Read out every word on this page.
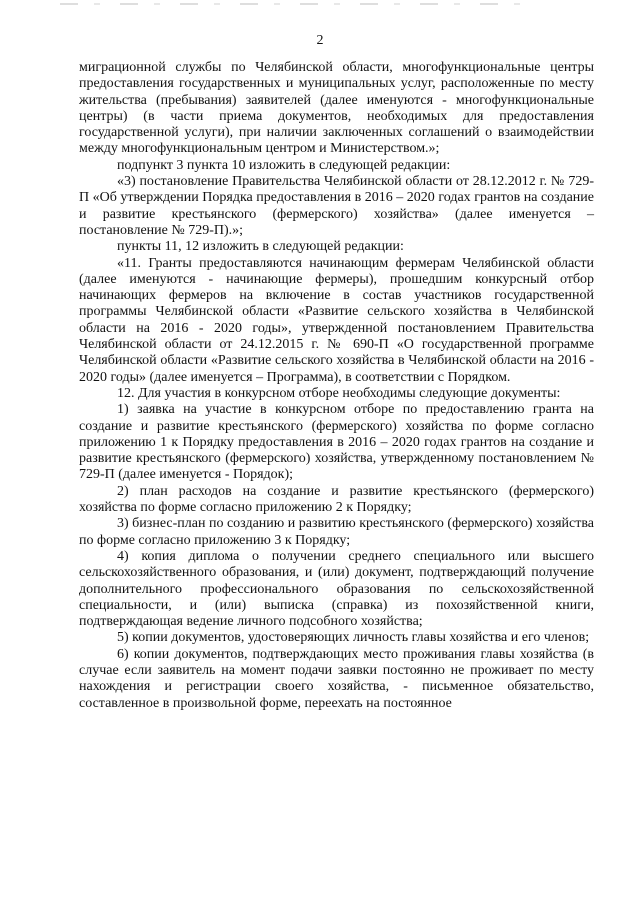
2

миграционной службы по Челябинской области, многофункциональные центры предоставления государственных и муниципальных услуг, расположенные по месту жительства (пребывания) заявителей (далее именуются - многофункциональные центры) (в части приема документов, необходимых для предоставления государственной услуги), при наличии заключенных соглашений о взаимодействии между многофункциональным центром и Министерством.»;

подпункт 3 пункта 10 изложить в следующей редакции:

«3) постановление Правительства Челябинской области от 28.12.2012 г. № 729-П «Об утверждении Порядка предоставления в 2016 – 2020 годах грантов на создание и развитие крестьянского (фермерского) хозяйства» (далее именуется – постановление № 729-П).»;

пункты 11, 12 изложить в следующей редакции:

«11. Гранты предоставляются начинающим фермерам Челябинской области (далее именуются - начинающие фермеры), прошедшим конкурсный отбор начинающих фермеров на включение в состав участников государственной программы Челябинской области «Развитие сельского хозяйства в Челябинской области на 2016 - 2020 годы», утвержденной постановлением Правительства Челябинской области от 24.12.2015 г. № 690-П «О государственной программе Челябинской области «Развитие сельского хозяйства в Челябинской области на 2016 - 2020 годы» (далее именуется – Программа), в соответствии с Порядком.

12. Для участия в конкурсном отборе необходимы следующие документы:

1) заявка на участие в конкурсном отборе по предоставлению гранта на создание и развитие крестьянского (фермерского) хозяйства по форме согласно приложению 1 к Порядку предоставления в 2016 – 2020 годах грантов на создание и развитие крестьянского (фермерского) хозяйства, утвержденному постановлением № 729-П (далее именуется - Порядок);

2) план расходов на создание и развитие крестьянского (фермерского) хозяйства по форме согласно приложению 2 к Порядку;

3) бизнес-план по созданию и развитию крестьянского (фермерского) хозяйства по форме согласно приложению 3 к Порядку;

4) копия диплома о получении среднего специального или высшего сельскохозяйственного образования, и (или) документ, подтверждающий получение дополнительного профессионального образования по сельскохозяйственной специальности, и (или) выписка (справка) из похозяйственной книги, подтверждающая ведение личного подсобного хозяйства;

5) копии документов, удостоверяющих личность главы хозяйства и его членов;

6) копии документов, подтверждающих место проживания главы хозяйства (в случае если заявитель на момент подачи заявки постоянно не проживает по месту нахождения и регистрации своего хозяйства, - письменное обязательство, составленное в произвольной форме, переехать на постоянное
